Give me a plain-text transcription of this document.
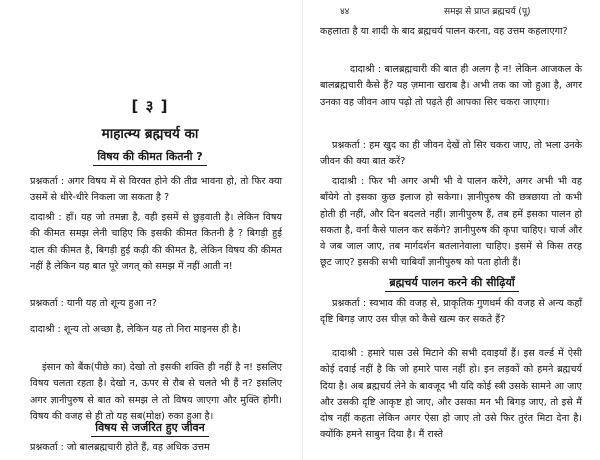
[ ३ ]
माहात्म्य ब्रह्मचर्य का
विषय की कीमत कितनी ?
प्रश्नकर्ता : अगर विषय में से विरक्त होने की तीव्र भावना हो, तो फिर क्या उसमें से धीरे-धीरे निकला जा सकता है ?
दादाश्री : हाँ। यह जो तमन्ना है, वही इसमें से छुड़वाती है। लेकिन विषय की कीमत समझ लेनी चाहिए कि इसकी कीमत कितनी है ? बिगड़ी हुई दाल की कीमत है, बिगड़ी हुई कढ़ी की कीमत है, लेकिन विषय की कीमत नहीं है लेकिन यह बात पूरे जगत् को समझ में नहीं आती न!
प्रश्नकर्ता : यानी यह तो शून्य हुआ न?
दादाश्री : शून्य तो अच्छा है, लेकिन यह तो निरा माइनस ही है।
इंसान को बैंक(पीछे का) देखो तो इसकी शक्ति ही नहीं है न! इसलिए विषय चलता रहता है। देखो न, ऊपर से रौब से चलते भी हैं न? इसलिए अगर ज्ञानीपुरुष से बात को समझ ले तो विषय जाएगा और मुक्ति होगी। विषय की वजह से ही तो यह सब(मोक्ष) रुका हुआ है।
विषय से जर्जरित हुए जीवन
प्रश्नकर्ता : जो बालब्रह्मचारी होते हैं, वह अधिक उत्तम
४४	समझ से प्राप्त ब्रह्मचर्य (पू)
कहलाता है या शादी के बाद ब्रह्मचर्य पालन करना, वह उत्तम कहलाएगा?
दादाश्री : बालब्रह्मचारी की बात ही अलग है न! लेकिन आजकल के बालब्रह्मचारी कैसे हैं? यह ज़माना खराब है। अभी तक का जो हुआ है, अगर उनका वह जीवन आप पढ़ो तो पढ़ते ही आपका सिर चकरा जाएगा।
प्रश्नकर्ता : हम खुद का ही जीवन देखें तो सिर चकरा जाए, तो भला उनके जीवन की क्या बात करें?
दादाश्री : फिर भी अगर अभी भी वे पालन करेंगे, अगर अभी भी वह बाँयेगे तो इसका कुछ इलाज हो सकेगा। ज्ञानीपुरुष की छत्रछाया तो कभी होती ही नहीं, और दिन बदलते नहीं। ज्ञानीपुरुष हैं, तब हमें इसका पालन हो सकता है, वर्ना कैसे पालन कर सकेंगे? ज्ञानीपुरुष की कृपा चाहिए। चार्ज और वे जब जाल जाए, तब मार्गदर्शन बतलानेवाला चाहिए। इसमें से किस तरह छूट जाए? इसकी सभी चाबियाँ ज्ञानीपुरुष को पता होती हैं।
ब्रह्मचर्य पालन करने की सीढ़ियाँ
प्रश्नकर्ता : स्वभाव की वजह से, प्राकृतिक गुणधर्म की वजह से अन्य कहाँ दृष्टि बिगड़ जाए उस चीज़ को कैसे खत्म कर सकते हैं?
दादाश्री : हमारे पास उसे मिटाने की सभी दवाइयाँ हैं। इस वर्ल्ड में ऐसी कोई दवाई नहीं है कि जो हमारे पास नहीं हो। इन लड़कों को हमने ब्रह्मचर्य दिया है। अब ब्रह्मचर्य लेने के बावजूद भी यदि कोई स्त्री उसके सामने आ जाए और उसकी दृष्टि आकृष्ट हो जाए, और उसका मन भी बिगड़ जाए, तो इसे मैं दोष नहीं कहता लेकिन अगर ऐसा हो जाए तो उसे फिर तुरंत मिटा देना है। क्योंकि हमने साबुन दिया है। मैं रास्ते
